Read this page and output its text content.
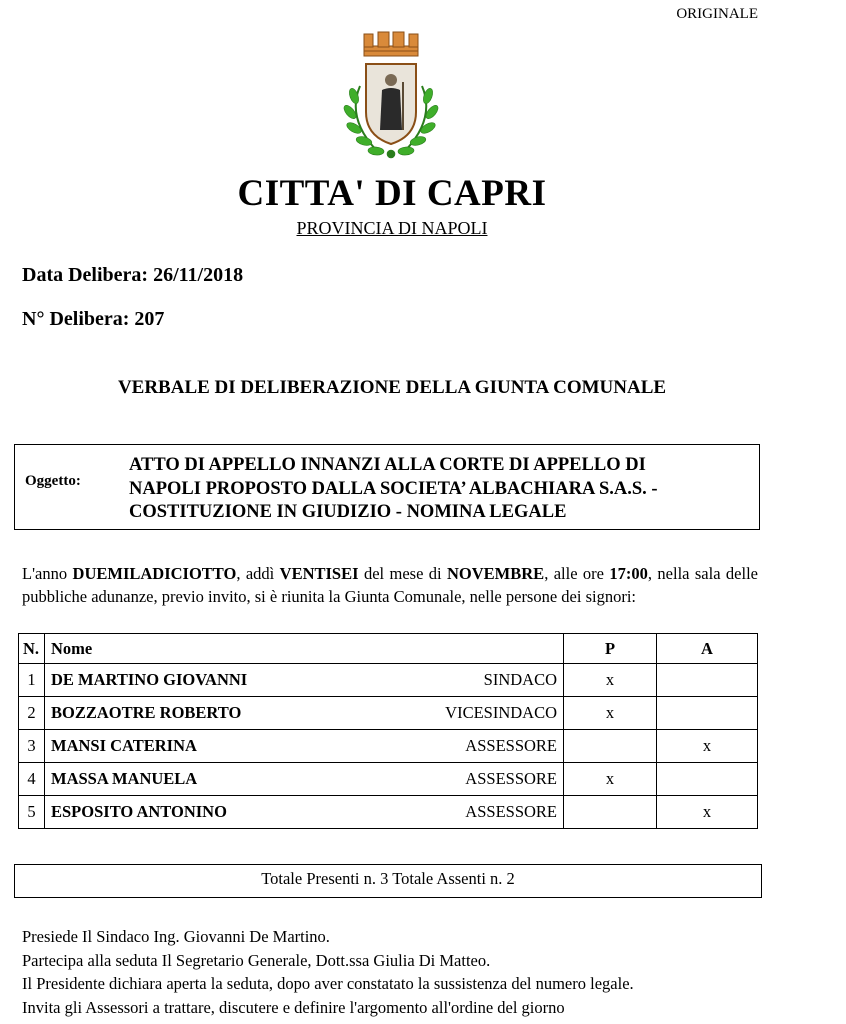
ORIGINALE
CITTA' DI CAPRI
PROVINCIA DI NAPOLI
Data Delibera: 26/11/2018
N° Delibera: 207
VERBALE DI DELIBERAZIONE DELLA GIUNTA COMUNALE
Oggetto:
ATTO DI APPELLO INNANZI ALLA CORTE DI APPELLO DI
NAPOLI PROPOSTO DALLA SOCIETA’ ALBACHIARA S.A.S. -
COSTITUZIONE IN GIUDIZIO - NOMINA LEGALE
L'anno DUEMILADICIOTTO, addì VENTISEI del mese di NOVEMBRE, alle ore 17:00, nella sala delle pubbliche adunanze, previo invito, si è riunita la Giunta Comunale, nelle persone dei signori:
N.	Nome	P	A
1	DE MARTINO GIOVANNI SINDACO	x	
2	BOZZAOTRE ROBERTO VICESINDACO	x	
3	MANSI CATERINA ASSESSORE		x
4	MASSA MANUELA ASSESSORE	x	
5	ESPOSITO ANTONINO ASSESSORE		x
Totale Presenti n. 3 Totale Assenti n. 2
Presiede Il Sindaco Ing. Giovanni De Martino.
Partecipa alla seduta Il Segretario Generale, Dott.ssa Giulia Di Matteo.
Il Presidente dichiara aperta la seduta, dopo aver constatato la sussistenza del numero legale.
Invita gli Assessori a trattare, discutere e definire l'argomento all'ordine del giorno
